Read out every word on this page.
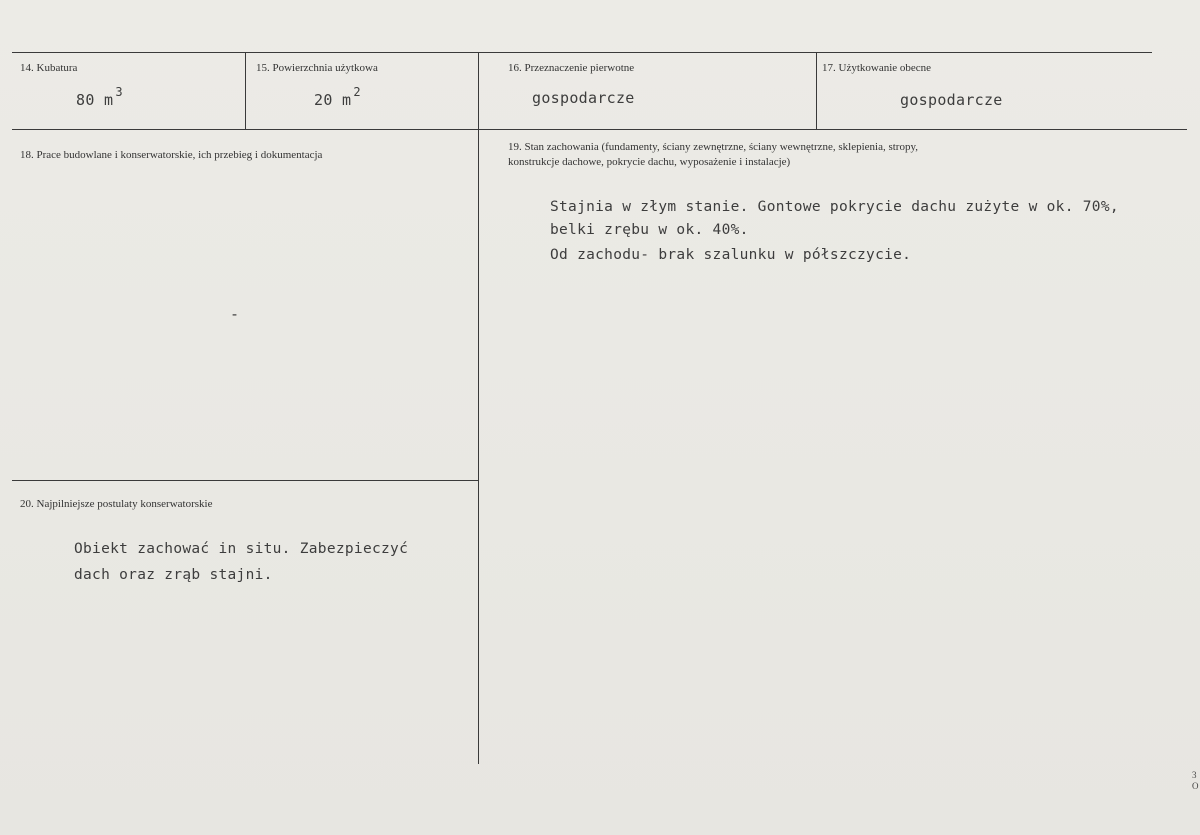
14. Kubatura
80 m $^3$
15. Powierzchnia użytkowa
20 m $^2$
16. Przeznaczenie pierwotne
gospodarcze
17. Użytkowanie obecne
gospodarcze
18. Prace budowlane i konserwatorskie, ich przebieg i dokumentacja
-
19. Stan zachowania (fundamenty, ściany zewnętrzne, ściany wewnętrzne, sklepienia, stropy,
konstrukcje dachowe, pokrycie dachu, wyposażenie i instalacje)
Stajnia w złym stanie. Gontowe pokrycie dachu zużyte w ok. 70%,
belki zrębu w ok. 40%.
Od zachodu- brak szalunku w półszczycie.
20. Najpilniejsze postulaty konserwatorskie
Obiekt zachować in situ. Zabezpieczyć
dach oraz zrąb stajni.
3
O
